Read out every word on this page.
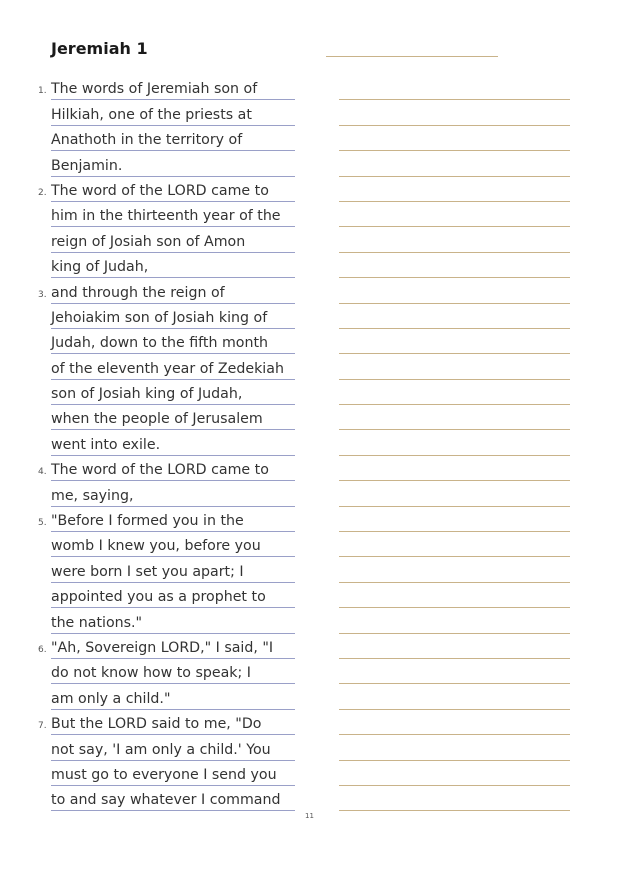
Jeremiah 1
1. The words of Jeremiah son of
Hilkiah, one of the priests at
Anathoth in the territory of
Benjamin.
2. The word of the LORD came to
him in the thirteenth year of the
reign of Josiah son of Amon
king of Judah,
3. and through the reign of
Jehoiakim son of Josiah king of
Judah, down to the fifth month
of the eleventh year of Zedekiah
son of Josiah king of Judah,
when the people of Jerusalem
went into exile.
4. The word of the LORD came to
me, saying,
5. "Before I formed you in the
womb I knew you, before you
were born I set you apart; I
appointed you as a prophet to
the nations."
6. "Ah, Sovereign LORD," I said, "I
do not know how to speak; I
am only a child."
7. But the LORD said to me, "Do
not say, 'I am only a child.' You
must go to everyone I send you
to and say whatever I command
11
